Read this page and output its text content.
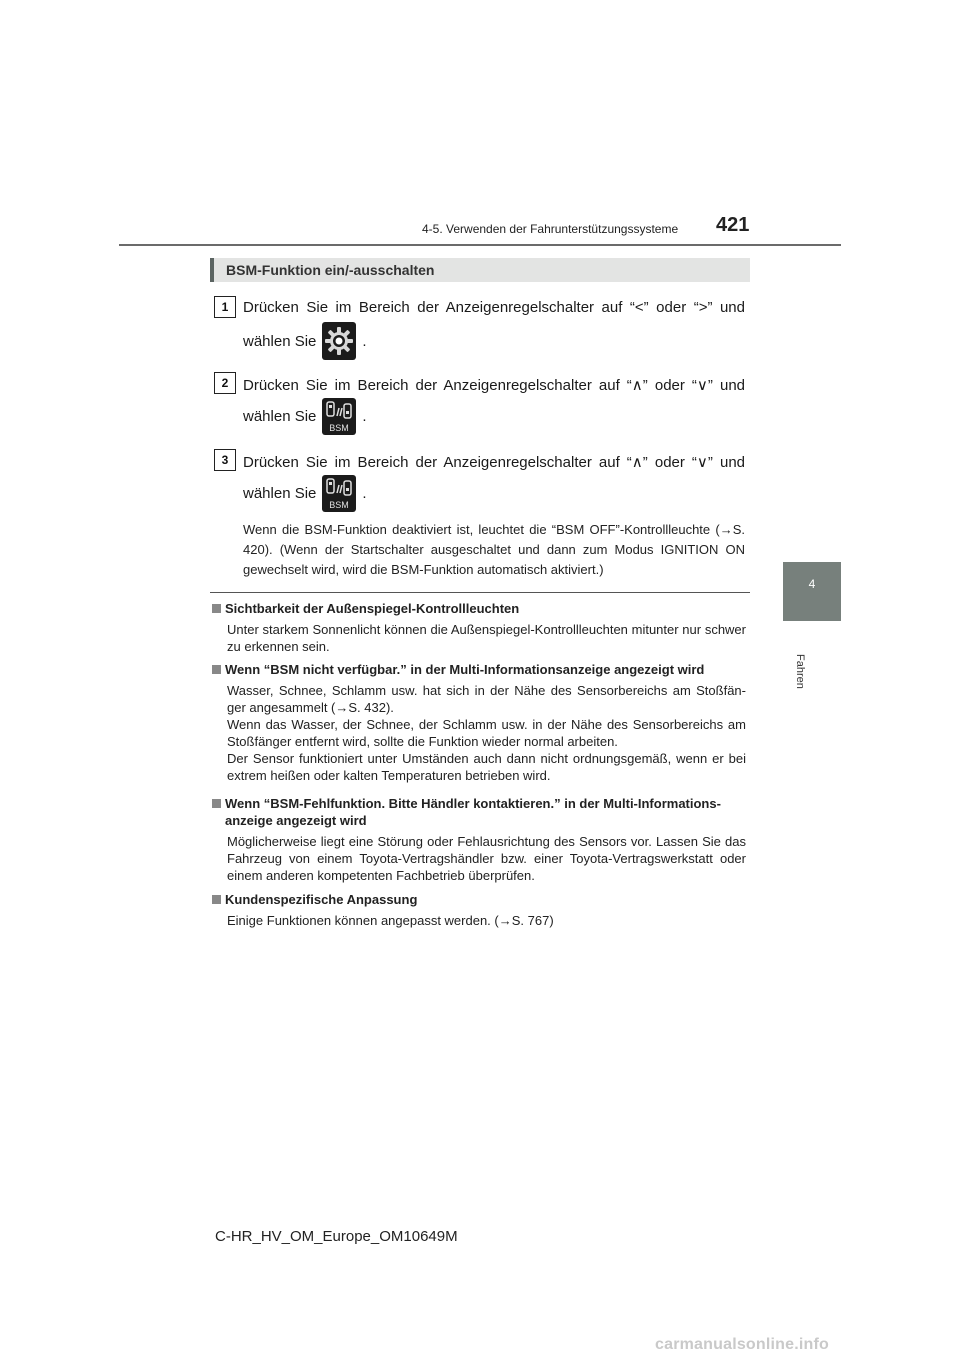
4-5. Verwenden der Fahrunterstützungssysteme 421
4
Fahren
BSM-Funktion ein/-ausschalten
1 Drücken Sie im Bereich der Anzeigenregelschalter auf “<” oder “>” und
wählen Sie	.
2 Drücken Sie im Bereich der Anzeigenregelschalter auf “∧” oder “∨” und
wählen Sie
BSM
.
3 Drücken Sie im Bereich der Anzeigenregelschalter auf “∧” oder “∨” und
wählen Sie
BSM
.
Wenn die BSM-Funktion deaktiviert ist, leuchtet die “BSM OFF”-Kontrollleuchte (→S. 420). (Wenn der Startschalter ausgeschaltet und dann zum Modus IGNITION ON gewechselt wird, wird die BSM-Funktion automatisch aktiviert.)
Sichtbarkeit der Außenspiegel-Kontrollleuchten

Unter starkem Sonnenlicht können die Außenspiegel-Kontrollleuchten mitunter nur schwer zu erkennen sein.

Wenn “BSM nicht verfügbar.” in der Multi-Informationsanzeige angezeigt wird

Wasser, Schnee, Schlamm usw. hat sich in der Nähe des Sensorbereichs am Stoßfän- ger angesammelt (→S. 432).

Wenn das Wasser, der Schnee, der Schlamm usw. in der Nähe des Sensorbereichs am Stoßfänger entfernt wird, sollte die Funktion wieder normal arbeiten.

Der Sensor funktioniert unter Umständen auch dann nicht ordnungsgemäß, wenn er bei extrem heißen oder kalten Temperaturen betrieben wird.

Wenn “BSM-Fehlfunktion. Bitte Händler kontaktieren.” in der Multi-Informations- anzeige angezeigt wird

Möglicherweise liegt eine Störung oder Fehlausrichtung des Sensors vor. Lassen Sie das Fahrzeug von einem Toyota-Vertragshändler bzw. einer Toyota-Vertragswerkstatt oder einem anderen kompetenten Fachbetrieb überprüfen.

Kundenspezifische Anpassung

Einige Funktionen können angepasst werden. (→S. 767)

C-HR_HV_OM_Europe_OM10649M
carmanualsonline.info
